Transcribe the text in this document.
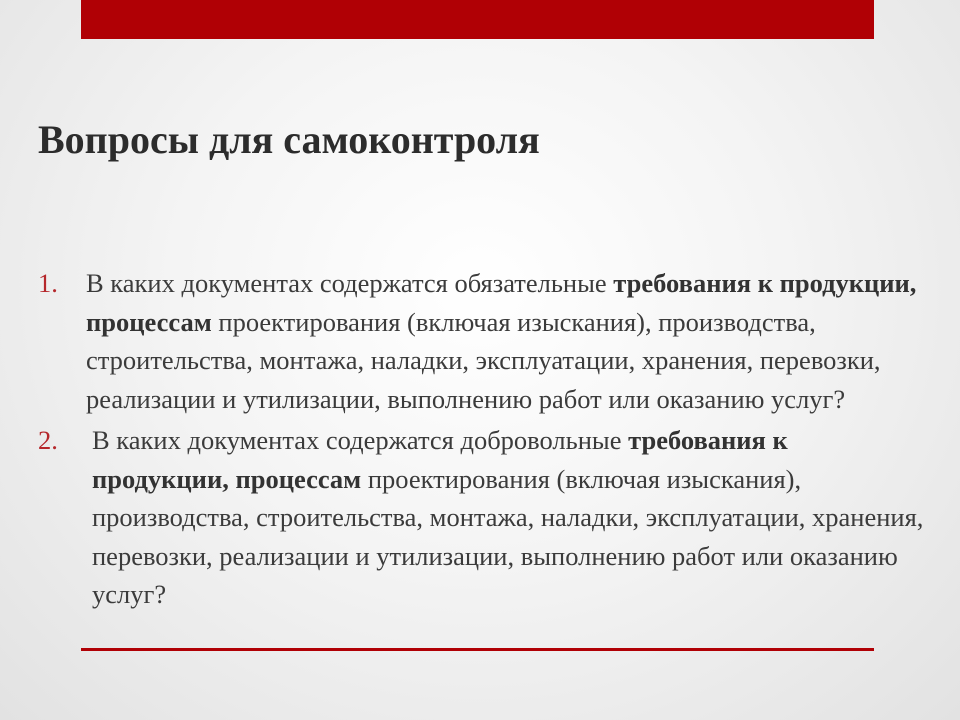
Вопросы для самоконтроля
1. В каких документах содержатся обязательные требования к продукции, процессам проектирования (включая изыскания), производства, строительства, монтажа, наладки, эксплуатации, хранения, перевозки, реализации и утилизации, выполнению работ или оказанию услуг?
2. В каких документах содержатся добровольные требования к продукции, процессам проектирования (включая изыскания), производства, строительства, монтажа, наладки, эксплуатации, хранения, перевозки, реализации и утилизации, выполнению работ или оказанию услуг?
